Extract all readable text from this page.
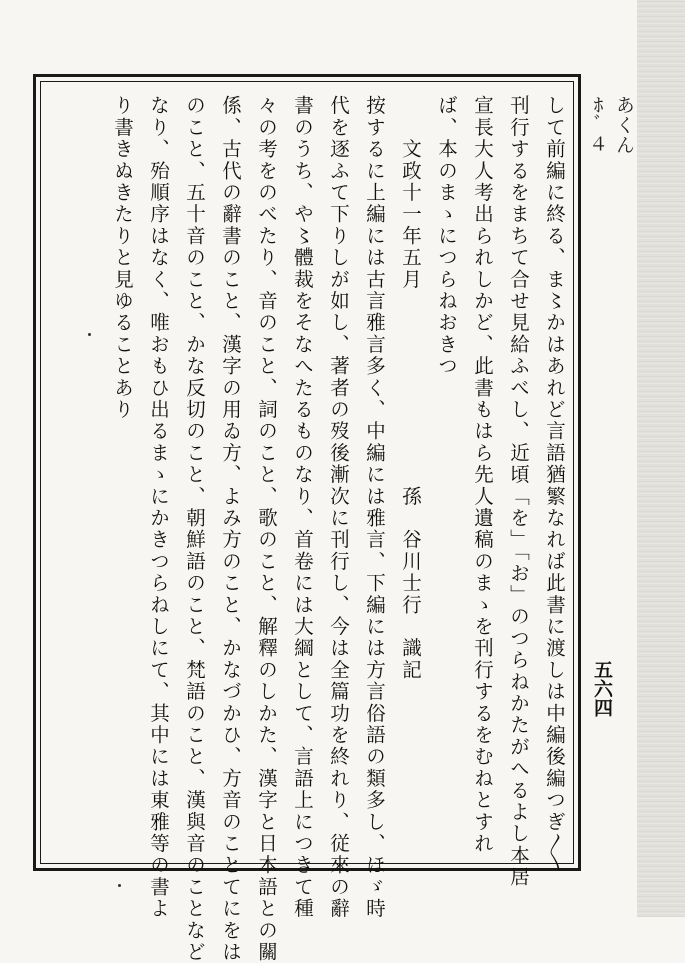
あくん ﾎﾞ４
五六四
して前編に終る、ま〻かはあれど言語猶繁なれば此書に渡しは中編後編つぎ〳〵
刊行するをまちて合せ見給ふべし、近頃「を」「お」のつらねかたがへるよし本居
宣長大人考出られしかど、此書もはら先人遺稿のまゝを刊行するをむねとすれ
ば、本のまゝにつらねおきつ
　　文政十一年五月　　　　　　　　　孫　谷川士行　識記
按するに上編には古言雅言多く、中編には雅言、下編には方言俗語の類多し、ほゞ時
代を逐ふて下りしが如し、著者の歿後漸次に刊行し、今は全篇功を終れり、従來の辭
書のうち、や〻體裁をそなへたるものなり、首卷には大綱として、言語上につきて種
々の考をのべたり、音のこと、詞のこと、歌のこと、解釋のしかた、漢字と日本語との關
係、古代の辭書のこと、漢字の用ゐ方、よみ方のこと、かなづかひ、方音のことてにをは
のこと、五十音のこと、かな反切のこと、朝鮮語のこと、梵語のこと、漢與音のことなど
なり、殆順序はなく、唯おもひ出るまゝにかきつらねしにて、其中には東雅等の書よ
り書きぬきたりと見ゆることあり
